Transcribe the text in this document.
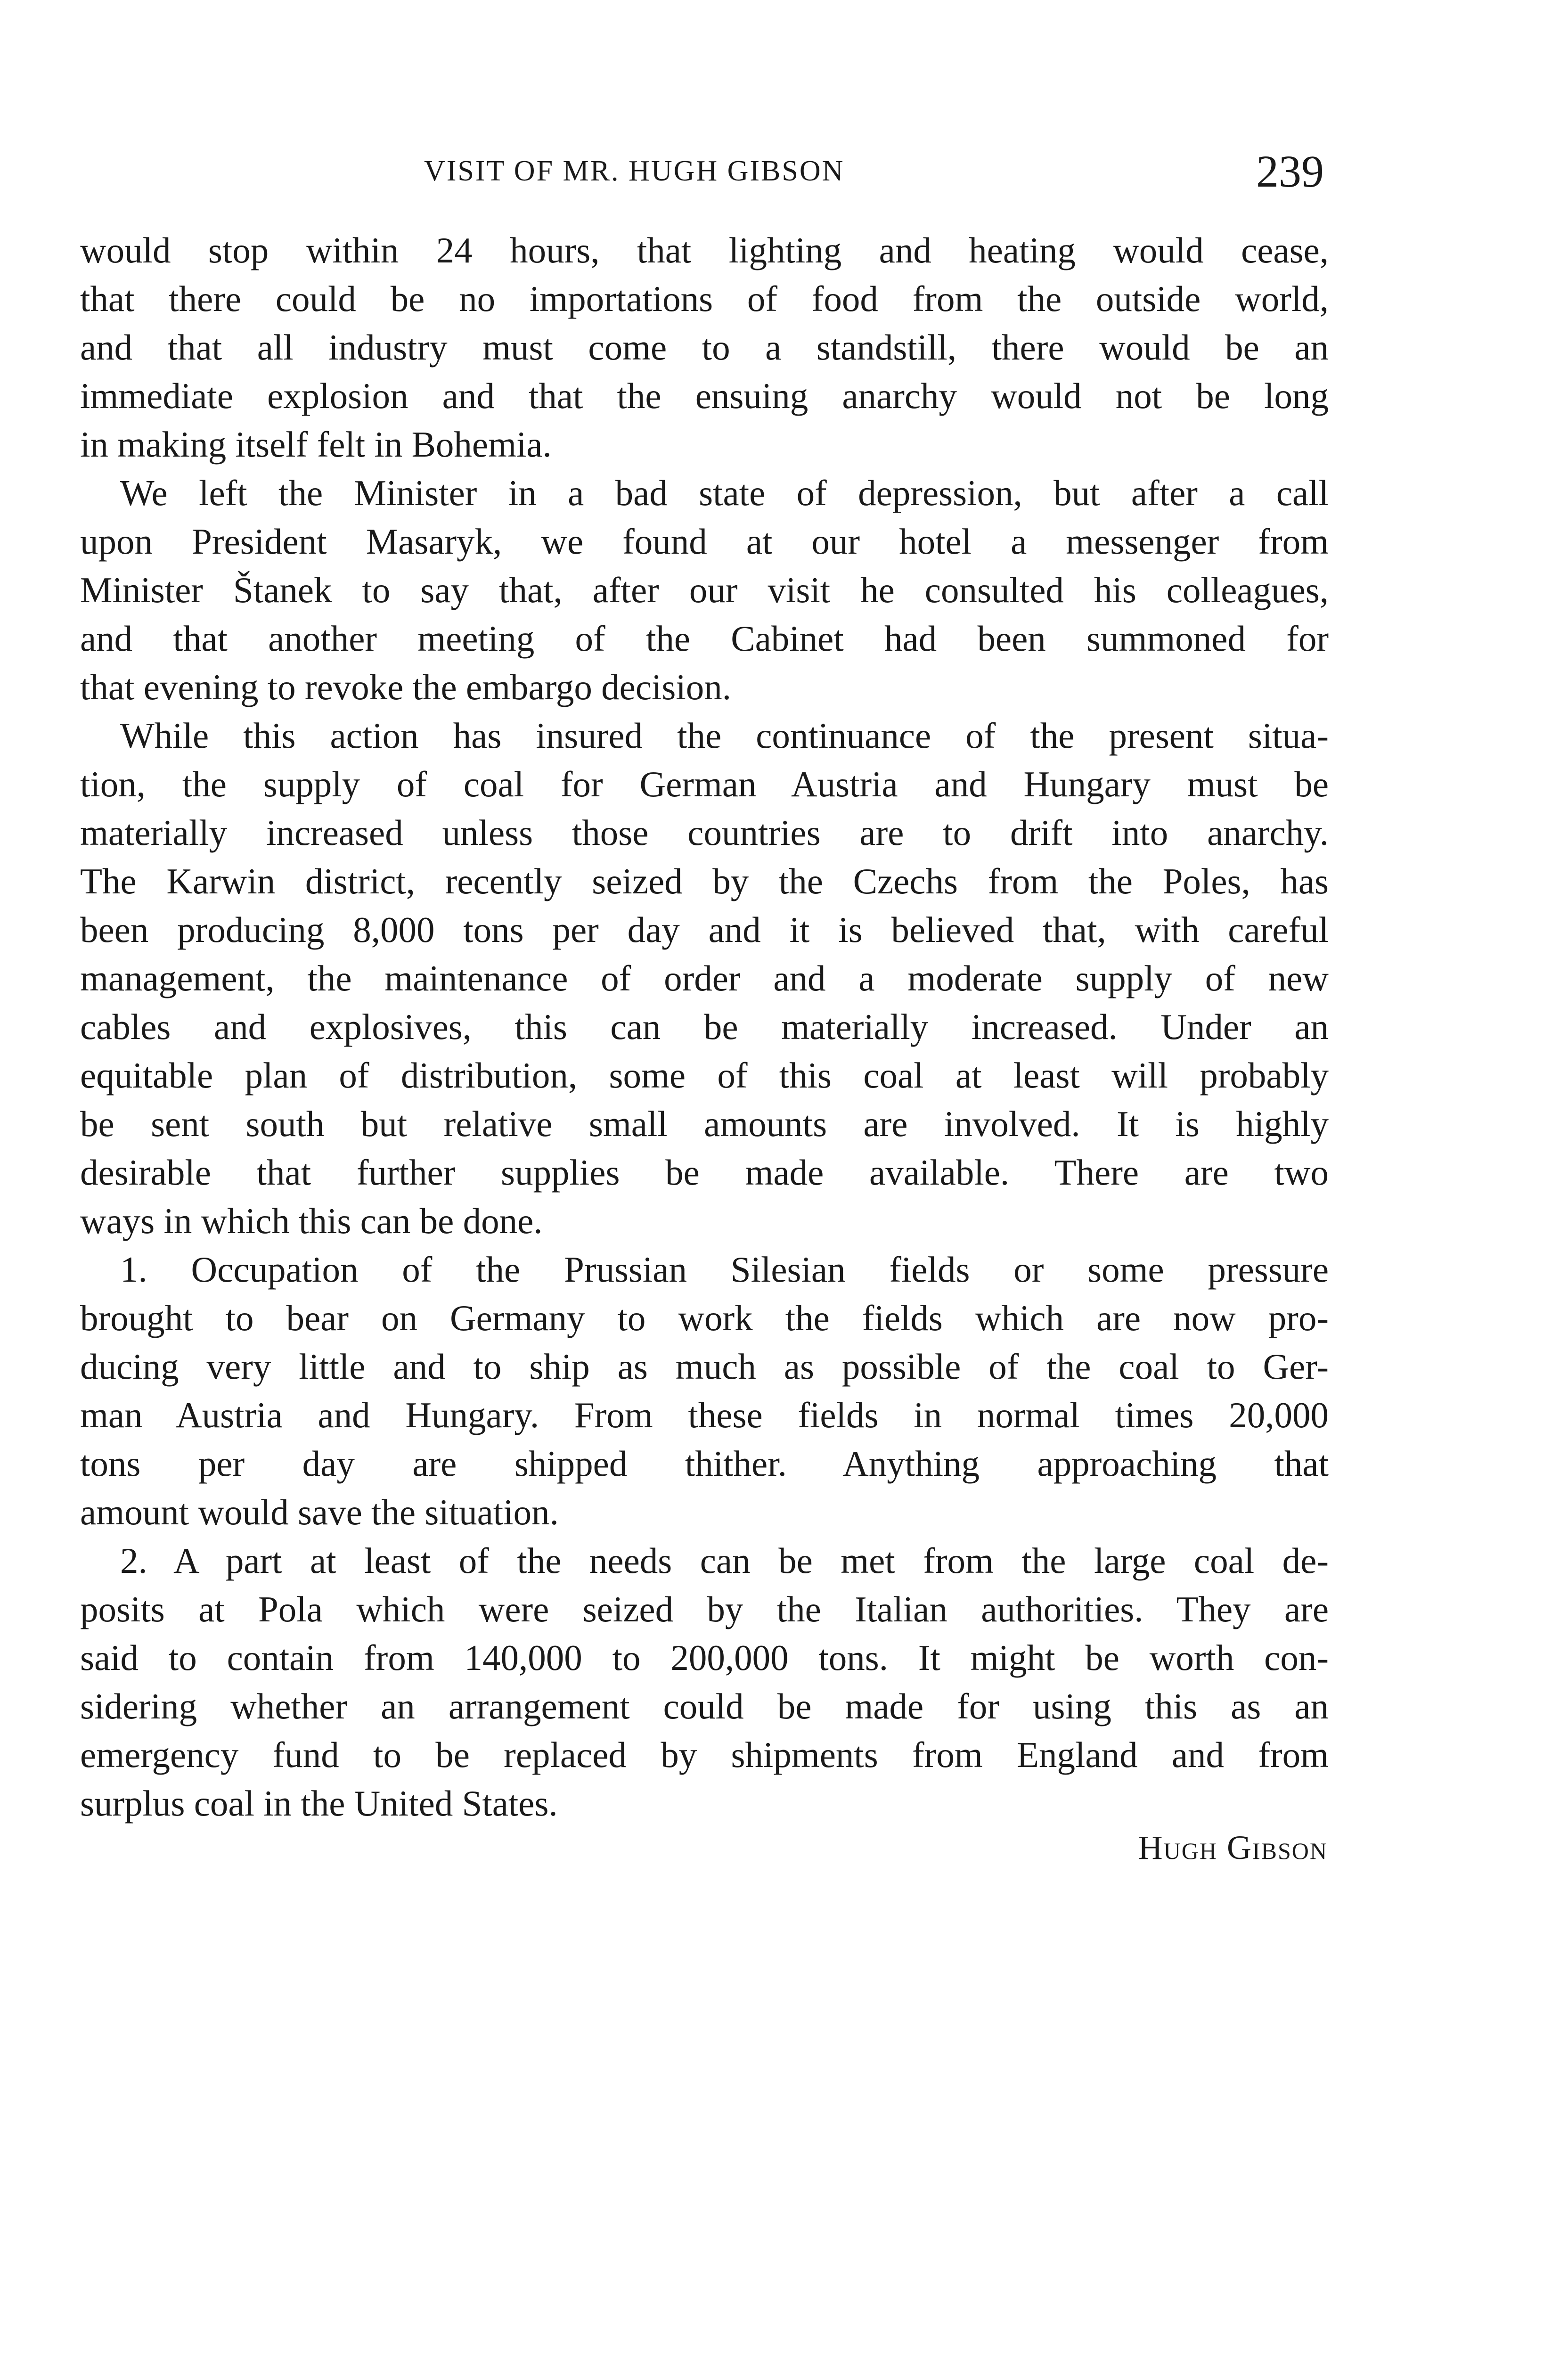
VISIT OF MR. HUGH GIBSON	239
would stop within 24 hours, that lighting and heating would cease,
that there could be no importations of food from the outside world,
and that all industry must come to a standstill, there would be an
immediate explosion and that the ensuing anarchy would not be long
in making itself felt in Bohemia.
We left the Minister in a bad state of depression, but after a call
upon President Masaryk, we found at our hotel a messenger from
Minister Štanek to say that, after our visit he consulted his colleagues,
and that another meeting of the Cabinet had been summoned for
that evening to revoke the embargo decision.
While this action has insured the continuance of the present situa-
tion, the supply of coal for German Austria and Hungary must be
materially increased unless those countries are to drift into anarchy.
The Karwin district, recently seized by the Czechs from the Poles, has
been producing 8,000 tons per day and it is believed that, with careful
management, the maintenance of order and a moderate supply of new
cables and explosives, this can be materially increased. Under an
equitable plan of distribution, some of this coal at least will probably
be sent south but relative small amounts are involved. It is highly
desirable that further supplies be made available. There are two
ways in which this can be done.
1. Occupation of the Prussian Silesian fields or some pressure
brought to bear on Germany to work the fields which are now pro-
ducing very little and to ship as much as possible of the coal to Ger-
man Austria and Hungary. From these fields in normal times 20,000
tons per day are shipped thither. Anything approaching that
amount would save the situation.
2. A part at least of the needs can be met from the large coal de-
posits at Pola which were seized by the Italian authorities. They are
said to contain from 140,000 to 200,000 tons. It might be worth con-
sidering whether an arrangement could be made for using this as an
emergency fund to be replaced by shipments from England and from
surplus coal in the United States.
Hugh Gibson
